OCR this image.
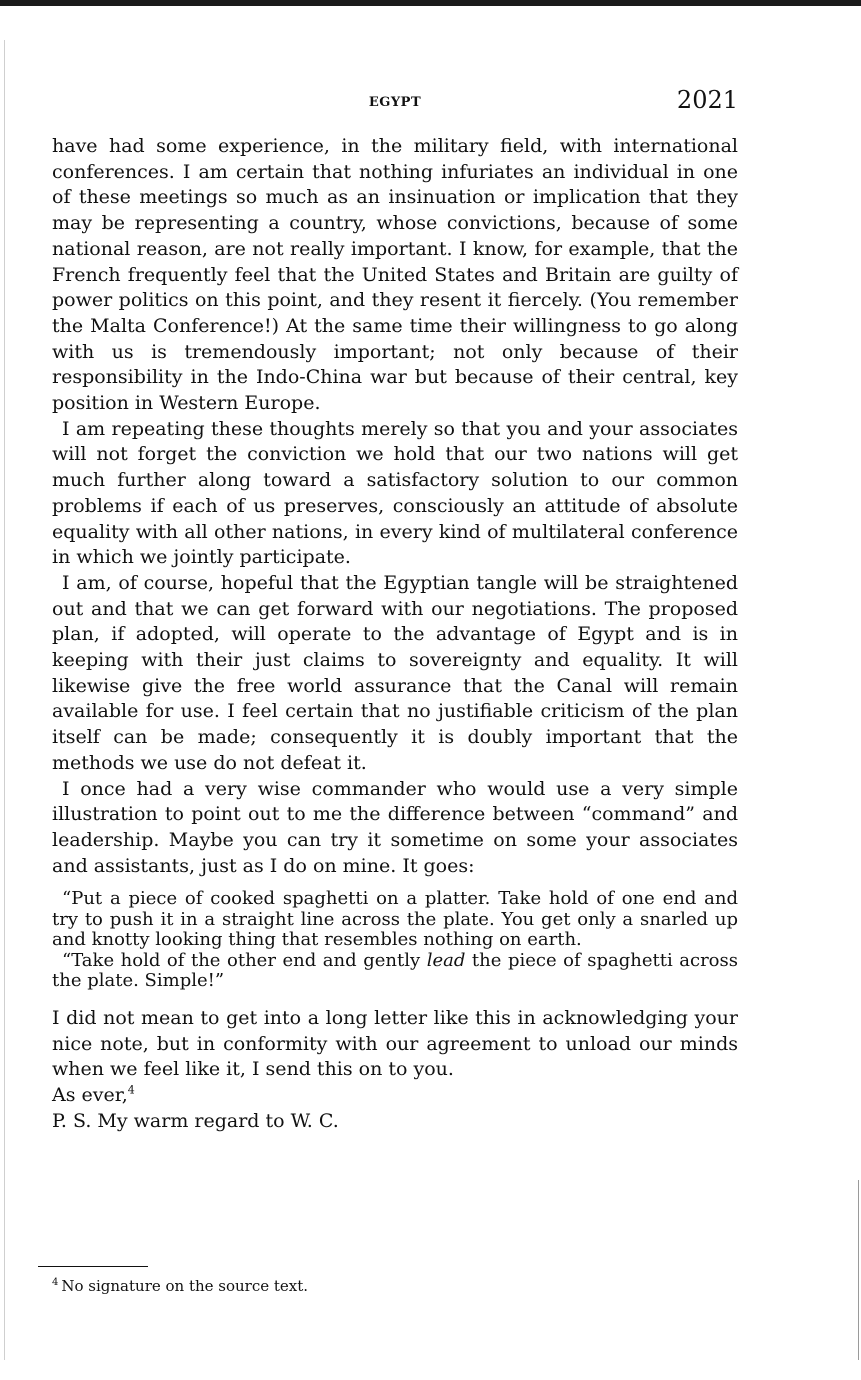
EGYPT	2021

have had some experience, in the military field, with international conferences. I am certain that nothing infuriates an individual in one of these meetings so much as an insinuation or implication that they may be representing a country, whose convictions, because of some national reason, are not really important. I know, for example, that the French frequently feel that the United States and Britain are guilty of power politics on this point, and they resent it fiercely. (You remember the Malta Conference!) At the same time their willingness to go along with us is tremendously important; not only because of their responsibility in the Indo-China war but because of their central, key position in Western Europe.

I am repeating these thoughts merely so that you and your associates will not forget the conviction we hold that our two nations will get much further along toward a satisfactory solution to our common problems if each of us preserves, consciously an attitude of absolute equality with all other nations, in every kind of multilateral conference in which we jointly participate.

I am, of course, hopeful that the Egyptian tangle will be straightened out and that we can get forward with our negotiations. The proposed plan, if adopted, will operate to the advantage of Egypt and is in keeping with their just claims to sovereignty and equality. It will likewise give the free world assurance that the Canal will remain available for use. I feel certain that no justifiable criticism of the plan itself can be made; consequently it is doubly important that the methods we use do not defeat it.

I once had a very wise commander who would use a very simple illustration to point out to me the difference between “command” and leadership. Maybe you can try it sometime on some your associates and assistants, just as I do on mine. It goes:

“Put a piece of cooked spaghetti on a platter. Take hold of one end and try to push it in a straight line across the plate. You get only a snarled up and knotty looking thing that resembles nothing on earth.

“Take hold of the other end and gently lead the piece of spaghetti across the plate. Simple!”

I did not mean to get into a long letter like this in acknowledging your nice note, but in conformity with our agreement to unload our minds when we feel like it, I send this on to you.

As ever,$^4$

P. S. My warm regard to W. C.

$^4$ No signature on the source text.
